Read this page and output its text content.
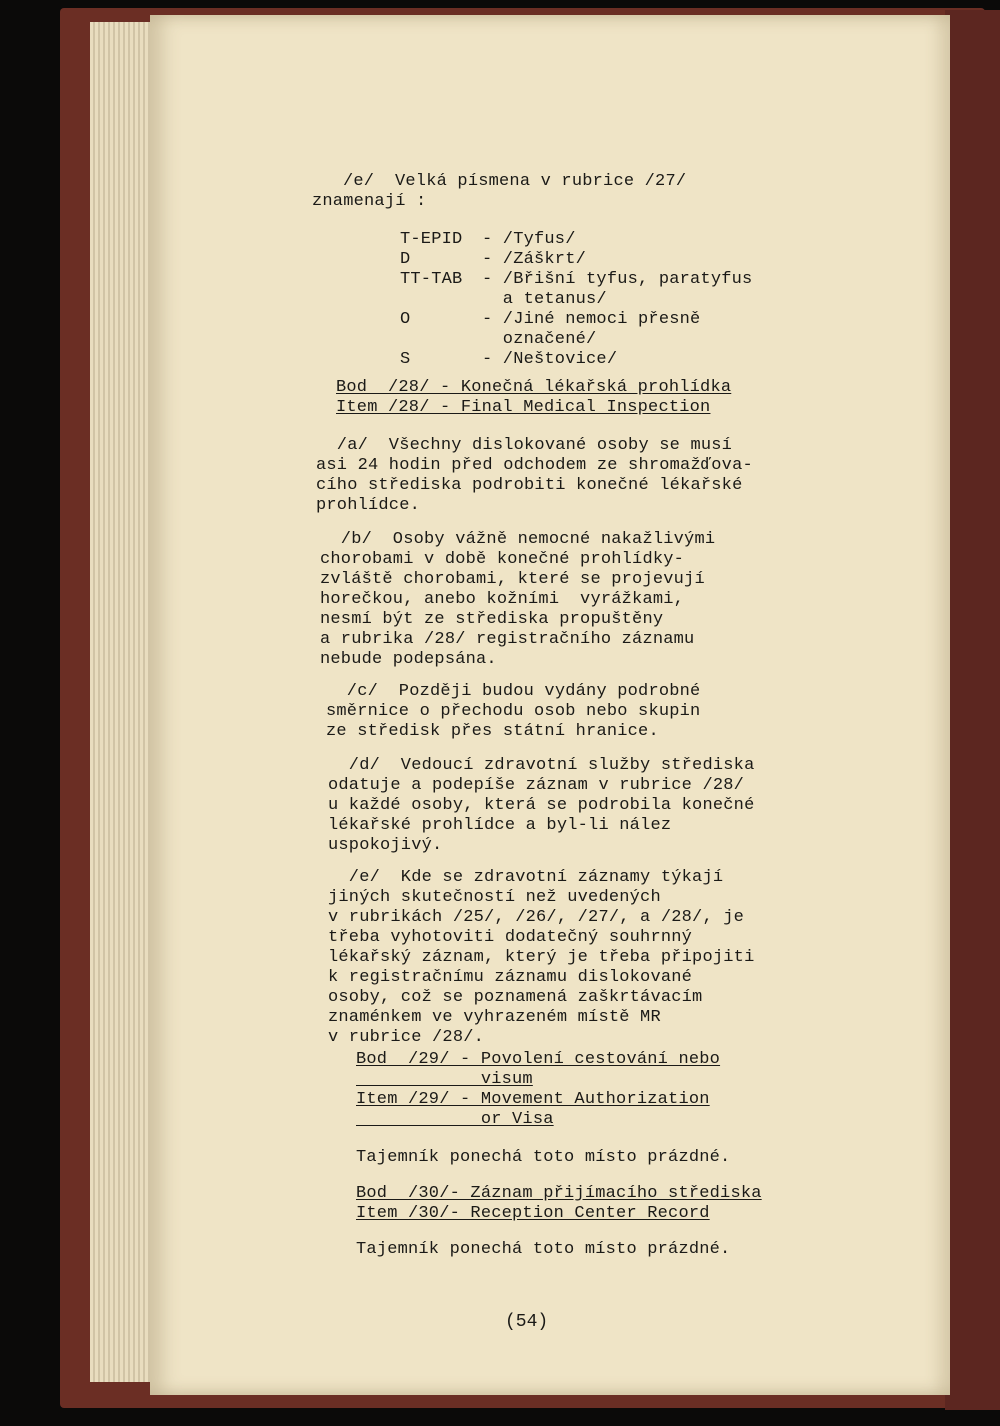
/e/  Velká písmena v rubrice /27/
znamenají :
T-EPID - /Tyfus/
D	- /Záškrt/
TT-TAB - /Břišní tyfus, paratyfus
a tetanus/
O	- /Jiné nemoci přesně
označené/
S	- /Neštovice/
Bod  /28/ - Konečná lékařská prohlídka
Item /28/ - Final Medical Inspection
/a/  Všechny dislokované osoby se musí
asi 24 hodin před odchodem ze shromažďova-
cího střediska podrobiti konečné lékařské
prohlídce.
/b/  Osoby vážně nemocné nakažlivými
chorobami v době konečné prohlídky-
zvláště chorobami, které se projevují
horečkou, anebo kožními  vyrážkami,
nesmí být ze střediska propuštěny
a rubrika /28/ registračního záznamu
nebude podepsána.
/c/  Později budou vydány podrobné
směrnice o přechodu osob nebo skupin
ze středisk přes státní hranice.
/d/  Vedoucí zdravotní služby střediska
odatuje a podepíše záznam v rubrice /28/
u každé osoby, která se podrobila konečné
lékařské prohlídce a byl-li nález
uspokojivý.
/e/  Kde se zdravotní záznamy týkají
jiných skutečností než uvedených
v rubrikách /25/, /26/, /27/, a /28/, je
třeba vyhotoviti dodatečný souhrnný
lékařský záznam, který je třeba připojiti
k registračnímu záznamu dislokované
osoby, což se poznamená zaškrtávacím
znaménkem ve vyhrazeném místě MR
v rubrice /28/.
Bod  /29/ - Povolení cestování nebo
visum
Item /29/ - Movement Authorization
or Visa
Tajemník ponechá toto místo prázdné.
Bod  /30/- Záznam přijímacího střediska
Item /30/- Reception Center Record
Tajemník ponechá toto místo prázdné.
(54)
